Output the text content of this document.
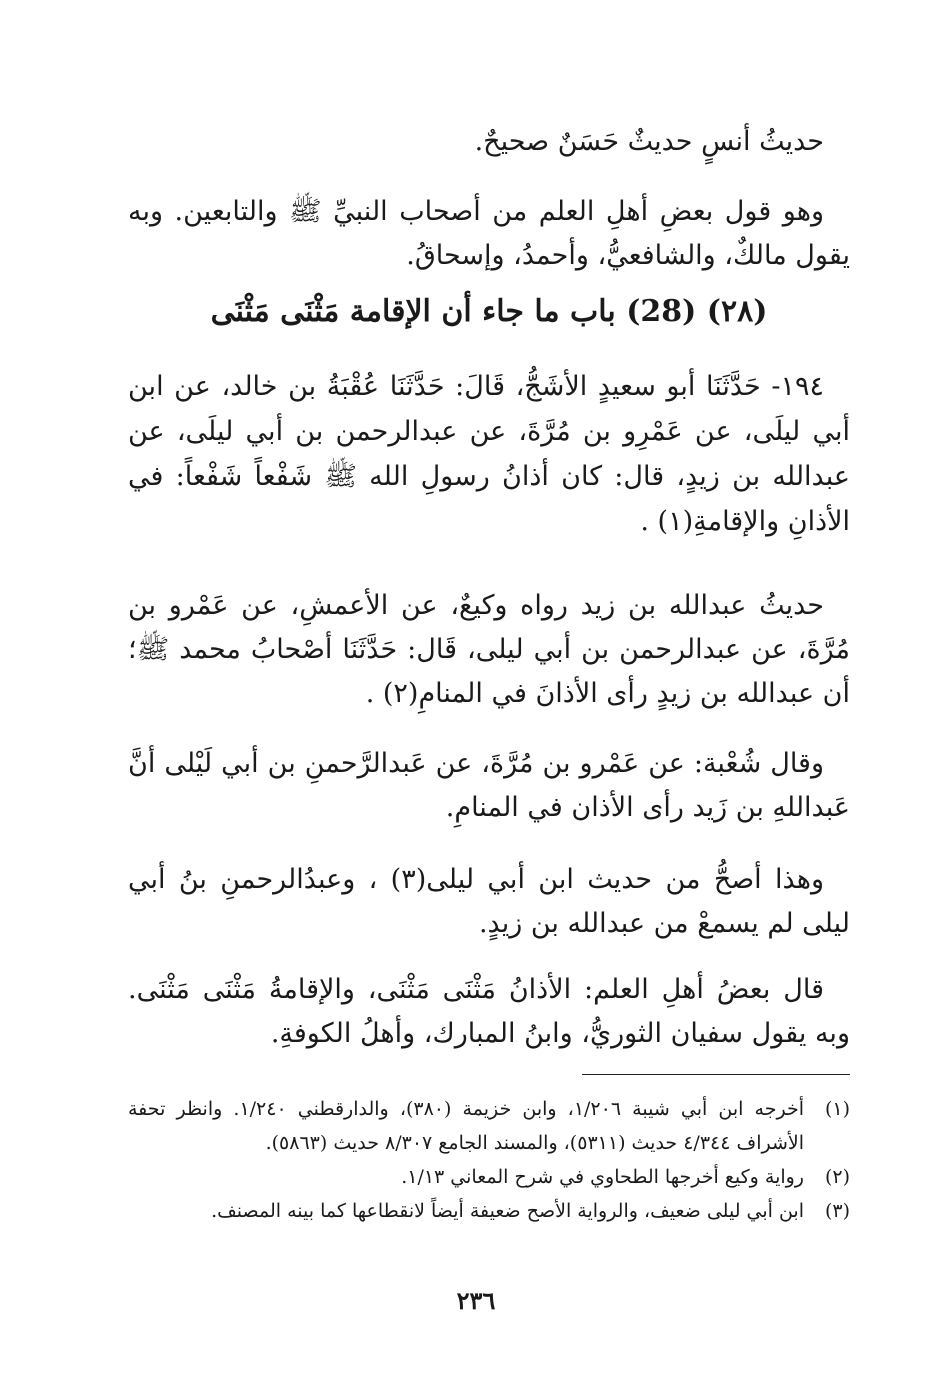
حديثُ أنسٍ حديثٌ حَسَنٌ صحيحٌ.
وهو قول بعضِ أهلِ العلم من أصحاب النبيِّ ﷺ والتابعين. وبه يقول مالكٌ، والشافعيُّ، وأحمدُ، وإسحاقُ.
(٢٨) (28) باب ما جاء أن الإقامة مَثْنَى مَثْنَى
١٩٤- حَدَّثَنَا أبو سعيدٍ الأشَجُّ، قَالَ: حَدَّثَنَا عُقْبَةُ بن خالد، عن ابن أبي ليلَى، عن عَمْرِو بن مُرَّةَ، عن عبدالرحمن بن أبي ليلَى، عن عبدالله بن زيدٍ، قال: كان أذانُ رسولِ الله ﷺ شَفْعاً شَفْعاً: في الأذانِ والإقامةِ(١) .
حديثُ عبدالله بن زيد رواه وكيعٌ، عن الأعمشِ، عن عَمْرو بن مُرَّةَ، عن عبدالرحمن بن أبي ليلى، قَال: حَدَّثَنَا أصْحابُ محمد ﷺ؛ أن عبدالله بن زيدٍ رأى الأذانَ في المنامِ(٢) .
وقال شُعْبة: عن عَمْرو بن مُرَّةَ، عن عَبدالرَّحمنِ بن أبي لَيْلى أنَّ عَبداللهِ بن زَيد رأى الأذان في المنامِ.
وهذا أصحُّ من حديث ابن أبي ليلى(٣) ، وعبدُالرحمنِ بنُ أبي ليلى لم يسمعْ من عبدالله بن زيدٍ.
قال بعضُ أهلِ العلم: الأذانُ مَثْنَى مَثْنَى، والإقامةُ مَثْنَى مَثْنَى. وبه يقول سفيان الثوريُّ، وابنُ المبارك، وأهلُ الكوفةِ.
(١)
أخرجه ابن أبي شيبة ١/٢٠٦، وابن خزيمة (٣٨٠)، والدارقطني ١/٢٤٠. وانظر تحفة الأشراف ٤/٣٤٤ حديث (٥٣١١)، والمسند الجامع ٨/٣٠٧ حديث (٥٨٦٣).
(٢)
رواية وكيع أخرجها الطحاوي في شرح المعاني ١/١٣.
(٣)
ابن أبي ليلى ضعيف، والرواية الأصح ضعيفة أيضاً لانقطاعها كما بينه المصنف.
٢٣٦
